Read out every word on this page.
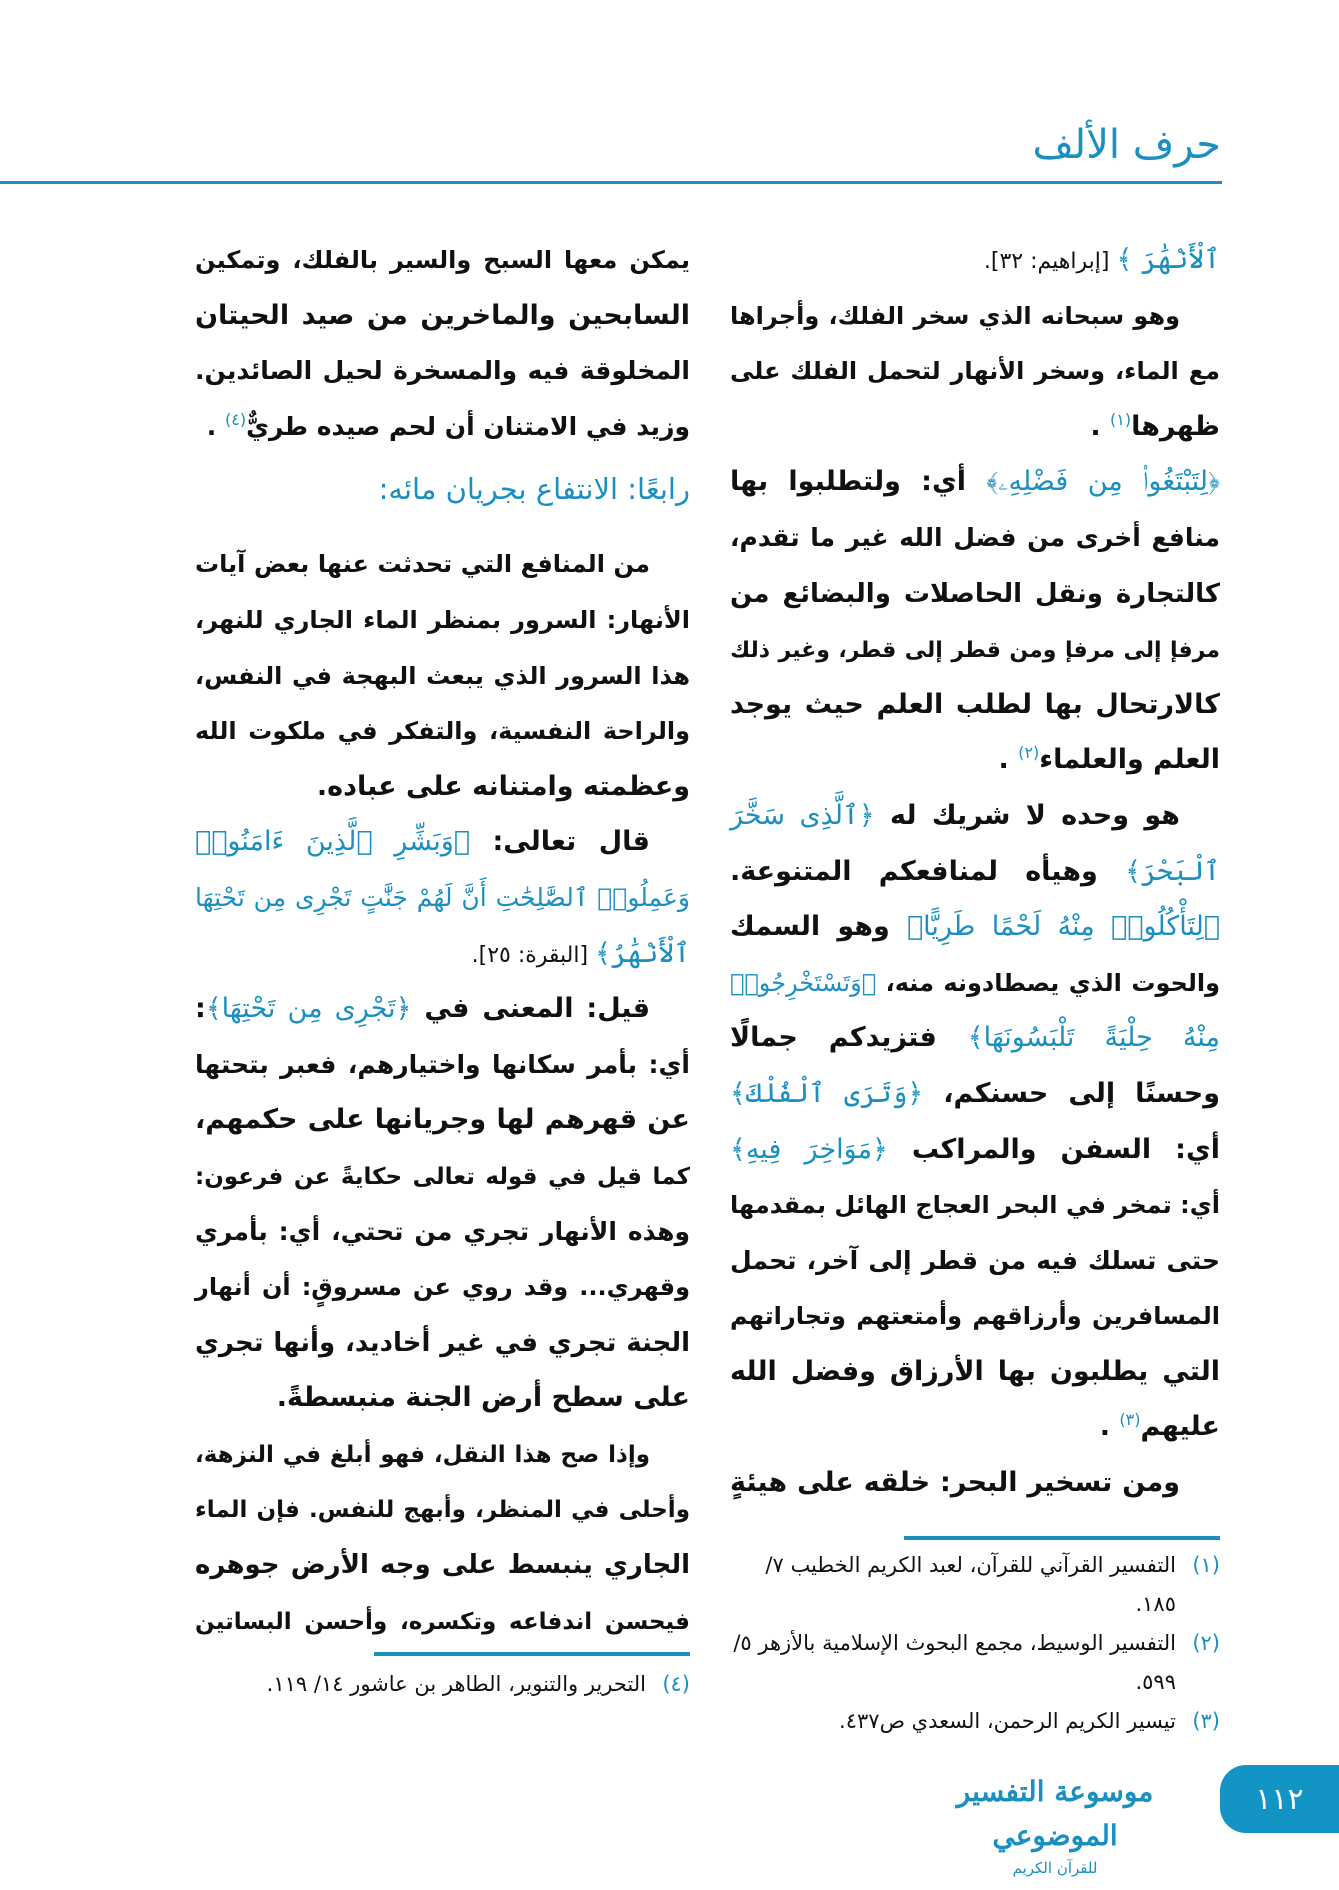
حرف الألف
ٱلْأَنْهَٰرَ ﴾ [إبراهيم: ٣٢].
وهو سبحانه الذي سخر الفلك، وأجراها
مع الماء، وسخر الأنهار لتحمل الفلك على
ظهرها$^{(١)}$ .
﴿لِتَبْتَغُوا۟ مِن فَضْلِهِۦ﴾ أي: ولتطلبوا بها
منافع أخرى من فضل الله غير ما تقدم،
كالتجارة ونقل الحاصلات والبضائع من
مرفإ إلى مرفإ ومن قطر إلى قطر، وغير ذلك
كالارتحال بها لطلب العلم حيث يوجد
العلم والعلماء$^{(٢)}$ .
هو وحده لا شريك له ﴿ٱلَّذِى سَخَّرَ
ٱلْبَحْرَ﴾ وهيأه لمنافعكم المتنوعة.
﴿لِتَأْكُلُوا۟ مِنْهُ لَحْمًا طَرِيًّا﴾ وهو السمك
والحوت الذي يصطادونه منه، ﴿وَتَسْتَخْرِجُوا۟
مِنْهُ حِلْيَةً تَلْبَسُونَهَا﴾ فتزيدكم جمالًا
وحسنًا إلى حسنكم، ﴿وَتَرَى ٱلْفُلْكَ﴾
أي: السفن والمراكب ﴿مَوَاخِرَ فِيهِ﴾
أي: تمخر في البحر العجاج الهائل بمقدمها
حتى تسلك فيه من قطر إلى آخر، تحمل
المسافرين وأرزاقهم وأمتعتهم وتجاراتهم
التي يطلبون بها الأرزاق وفضل الله
عليهم$^{(٣)}$ .
ومن تسخير البحر: خلقه على هيئةٍ
يمكن معها السبح والسير بالفلك، وتمكين
السابحين والماخرين من صيد الحيتان
المخلوقة فيه والمسخرة لحيل الصائدين.
وزيد في الامتنان أن لحم صيده طريٌّ$^{(٤)}$ .
رابعًا: الانتفاع بجريان مائه:
من المنافع التي تحدثت عنها بعض آيات
الأنهار: السرور بمنظر الماء الجاري للنهر،
هذا السرور الذي يبعث البهجة في النفس،
والراحة النفسية، والتفكر في ملكوت الله
وعظمته وامتنانه على عباده.
قال تعالى: ﴿وَبَشِّرِ ٱلَّذِينَ ءَامَنُوا۟
وَعَمِلُوا۟ ٱلصَّٰلِحَٰتِ أَنَّ لَهُمْ جَنَّٰتٍ تَجْرِى مِن تَحْتِهَا
ٱلْأَنْهَٰرُ﴾ [البقرة: ٢٥].
قيل: المعنى في ﴿تَجْرِى مِن تَحْتِهَا﴾:
أي: بأمر سكانها واختيارهم، فعبر بتحتها
عن قهرهم لها وجريانها على حكمهم،
كما قيل في قوله تعالى حكايةً عن فرعون:
وهذه الأنهار تجري من تحتي، أي: بأمري
وقهري... وقد روي عن مسروقٍ: أن أنهار
الجنة تجري في غير أخاديد، وأنها تجري
على سطح أرض الجنة منبسطةً.
وإذا صح هذا النقل، فهو أبلغ في النزهة،
وأحلى في المنظر، وأبهج للنفس. فإن الماء
الجاري ينبسط على وجه الأرض جوهره
فيحسن اندفاعه وتكسره، وأحسن البساتين
(١)
التفسير القرآني للقرآن، لعبد الكريم الخطيب ٧/ ١٨٥.
(٢)
التفسير الوسيط، مجمع البحوث الإسلامية بالأزهر ٥/ ٥٩٩.
(٣)
تيسير الكريم الرحمن، السعدي ص٤٣٧.
(٤)
التحرير والتنوير، الطاهر بن عاشور ١٤/ ١١٩.
موسوعة التفسير الموضوعي
للقرآن الكريم
١١٢
